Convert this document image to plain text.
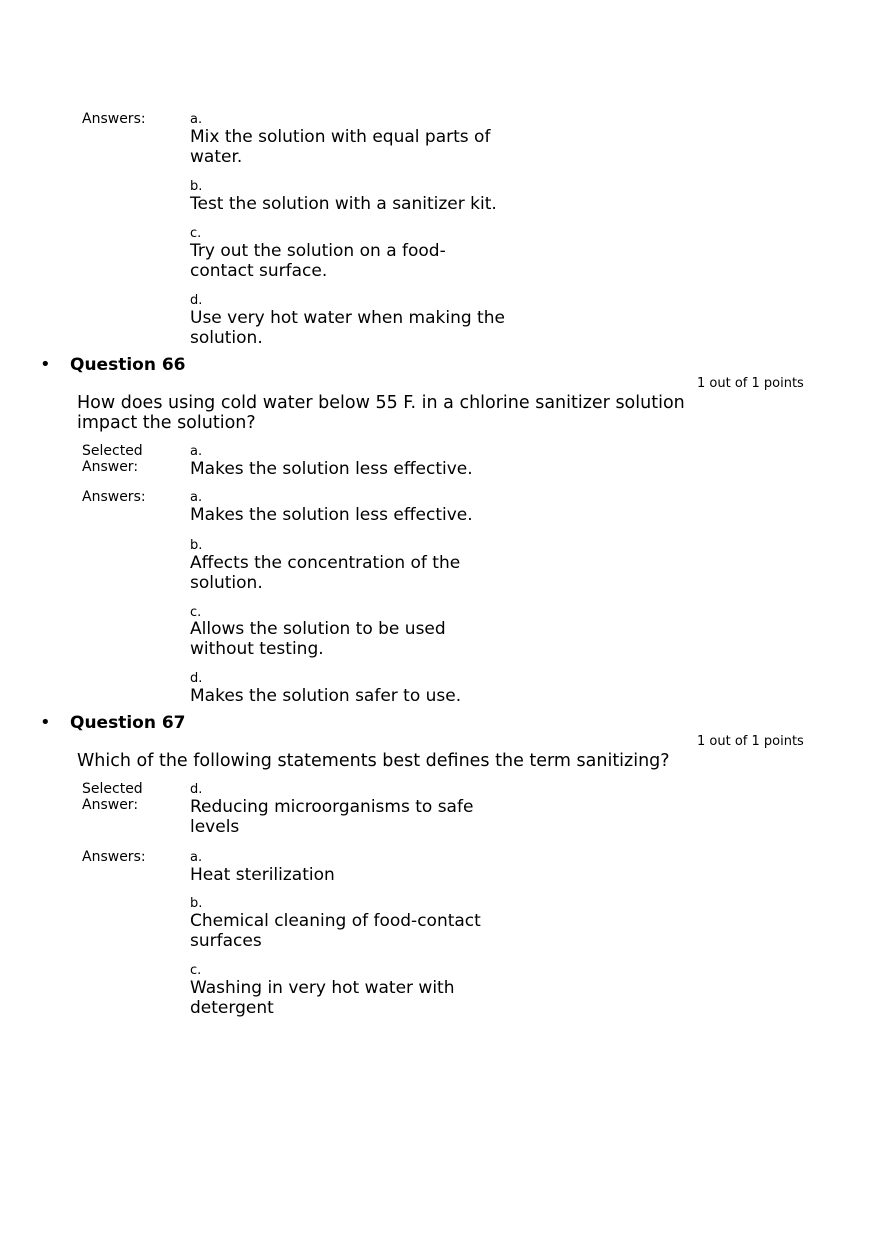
Answers:	a.
Mix the solution with equal parts of
water.
b.
Test the solution with a sanitizer kit.
c.
Try out the solution on a food-
contact surface.
d.
Use very hot water when making the
solution.
• Question 66
1 out of 1 points
How does using cold water below 55 F. in a chlorine sanitizer solution
impact the solution?
Selected
Answer:
a.
Makes the solution less effective.
Answers:	a.
Makes the solution less effective.
b.
Affects the concentration of the
solution.
c.
Allows the solution to be used
without testing.
d.
Makes the solution safer to use.
• Question 67
1 out of 1 points
Which of the following statements best defines the term sanitizing?
Selected
Answer:
d.
Reducing microorganisms to safe
levels
Answers:	a.
Heat sterilization
b.
Chemical cleaning of food-contact
surfaces
c.
Washing in very hot water with
detergent
